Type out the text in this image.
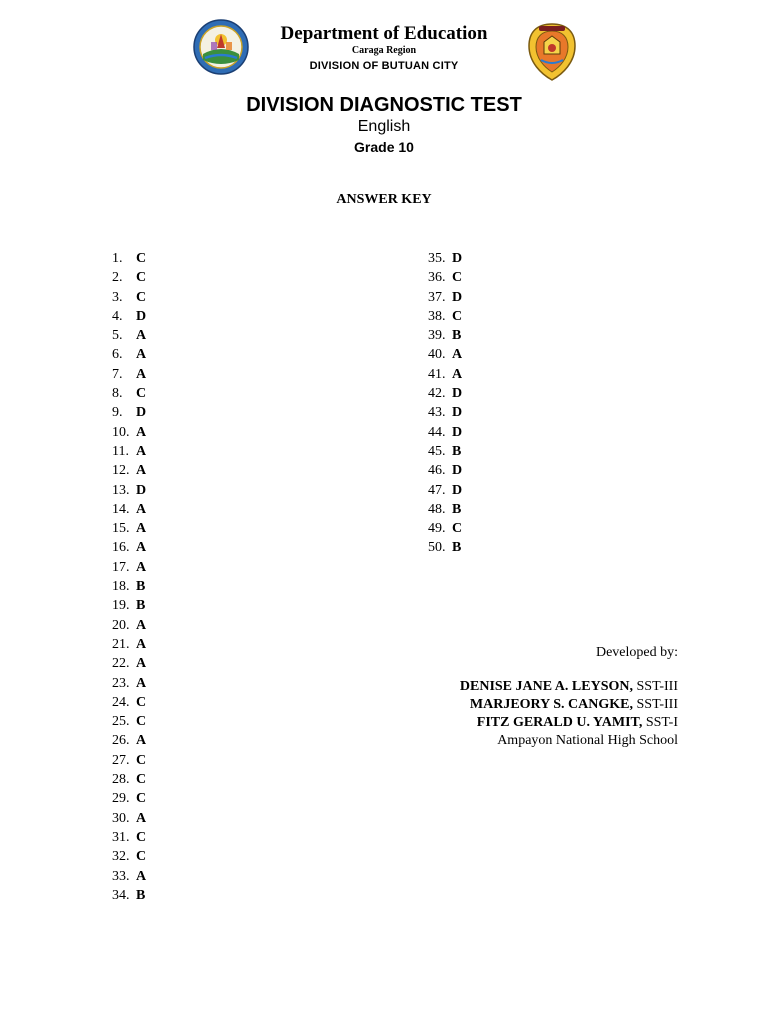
Department of Education
Caraga Region
DIVISION OF BUTUAN CITY
DIVISION DIAGNOSTIC TEST
English
Grade 10
ANSWER KEY
1. C
2. C
3. C
4. D
5. A
6. A
7. A
8. C
9. D
10. A
11. A
12. A
13. D
14. A
15. A
16. A
17. A
18. B
19. B
20. A
21. A
22. A
23. A
24. C
25. C
26. A
27. C
28. C
29. C
30. A
31. C
32. C
33. A
34. B
35. D
36. C
37. D
38. C
39. B
40. A
41. A
42. D
43. D
44. D
45. B
46. D
47. D
48. B
49. C
50. B
Developed by:
DENISE JANE A. LEYSON, SST-III
MARJEORY S. CANGKE, SST-III
FITZ GERALD U. YAMIT, SST-I
Ampayon National High School
